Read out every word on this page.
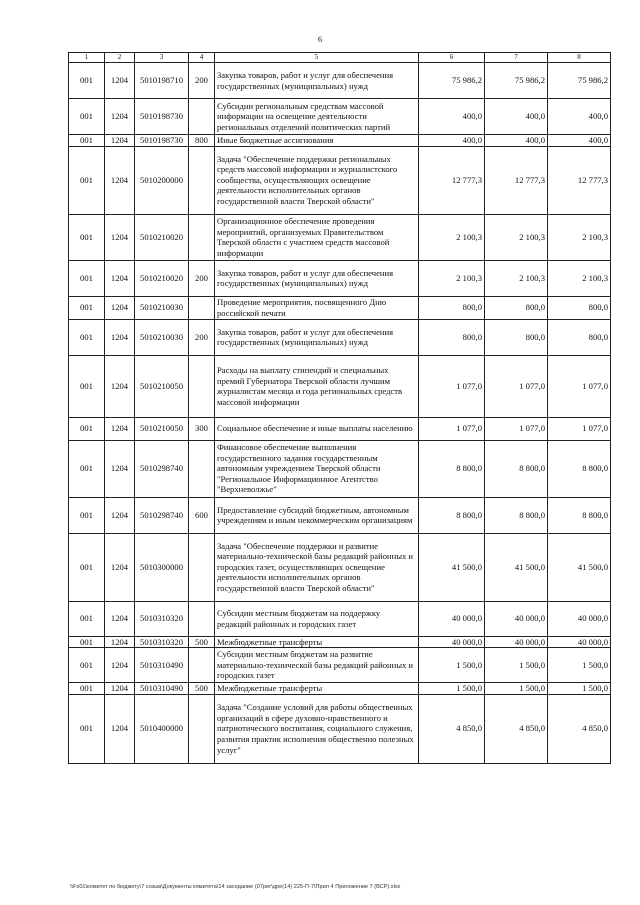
6
1	2	3	4	5	6	7	8
001	1204	5010198710	200	Закупка товаров, работ и услуг для обеспечения государственных (муниципальных) нужд	75 986,2	75 986,2	75 986,2
001	1204	5010198730		Субсидии региональным средствам массовой информации на освещение деятельности региональных отделений политических партий	400,0	400,0	400,0
001	1204	5010198730	800	Иные бюджетные ассигнования	400,0	400,0	400,0
001	1204	5010200000		Задача "Обеспечение поддержки региональных средств массовой информации и журналистского сообщества, осуществляющих освещение деятельности исполнительных органов государственной власти Тверской области"	12 777,3	12 777,3	12 777,3
001	1204	5010210020		Организационное обеспечение проведения мероприятий, организуемых Правительством Тверской области с участием средств массовой информации	2 100,3	2 100,3	2 100,3
001	1204	5010210020	200	Закупка товаров, работ и услуг для обеспечения государственных (муниципальных) нужд	2 100,3	2 100,3	2 100,3
001	1204	5010210030		Проведение мероприятия, посвященного Дню российской печати	800,0	800,0	800,0
001	1204	5010210030	200	Закупка товаров, работ и услуг для обеспечения государственных (муниципальных) нужд	800,0	800,0	800,0
001	1204	5010210050		Расходы на выплату стипендий и специальных премий Губернатора Тверской области лучшим журналистам месяца и года региональных средств массовой информации	1 077,0	1 077,0	1 077,0
001	1204	5010210050	300	Социальное обеспечение и иные выплаты населению	1 077,0	1 077,0	1 077,0
001	1204	5010298740		Финансовое обеспечение выполнения государственного задания государственным автономным учреждением Тверской области "Региональное Информационное Агентство "Верхневолжье"	8 800,0	8 800,0	8 800,0
001	1204	5010298740	600	Предоставление субсидий бюджетным, автономным учреждениям и иным некоммерческим организациям	8 800,0	8 800,0	8 800,0
001	1204	5010300000		Задача "Обеспечение поддержки и развитие материально-технической базы редакций районных и городских газет, осуществляющих освещение деятельности исполнительных органов государственной власти Тверской области"	41 500,0	41 500,0	41 500,0
001	1204	5010310320		Субсидии местным бюджетам на поддержку редакций районных и городских газет	40 000,0	40 000,0	40 000,0
001	1204	5010310320	500	Межбюджетные трансферты	40 000,0	40 000,0	40 000,0
001	1204	5010310490		Субсидии местным бюджетам на развитие материально-технической базы редакций районных и городских газет	1 500,0	1 500,0	1 500,0
001	1204	5010310490	500	Межбюджетные трансферты	1 500,0	1 500,0	1 500,0
001	1204	5010400000		Задача "Создание условий для работы общественных организаций в сфере духовно-нравственного и патриотического воспитания, социального служения, развития практик исполнения общественно полезных услуг"	4 850,0	4 850,0	4 850,0
\\Fs01\комитет по бюджету\7 созыв\Документы комитета\14 заседание (07рег\дре(14) 225-П-7\Прил 4 Приложение 7 (ВСР).xlsx
